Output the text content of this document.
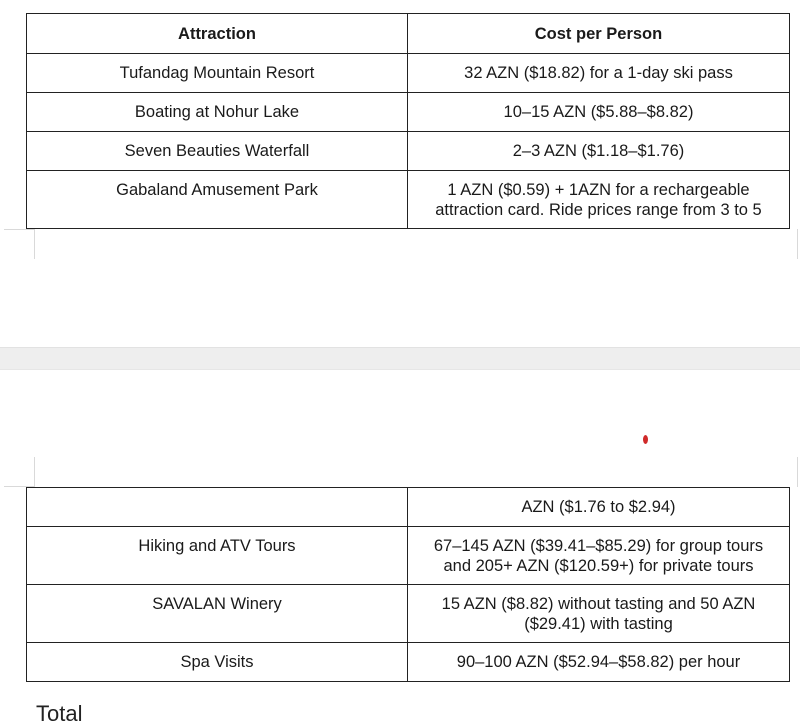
Attraction	Cost per Person
Tufandag Mountain Resort	32 AZN ($18.82) for a 1-day ski pass
Boating at Nohur Lake	10–15 AZN ($5.88–$8.82)
Seven Beauties Waterfall	2–3 AZN ($1.18–$1.76)
Gabaland Amusement Park	1 AZN ($0.59) + 1AZN for a rechargeable
attraction card. Ride prices range from 3 to 5
	AZN ($1.76 to $2.94)
Hiking and ATV Tours	67–145 AZN ($39.41–$85.29) for group tours
and 205+ AZN ($120.59+) for private tours

SAVALAN Winery	15 AZN ($8.82) without tasting and 50 AZN
($29.41) with tasting

Spa Visits	90–100 AZN ($52.94–$58.82) per hour
Total
